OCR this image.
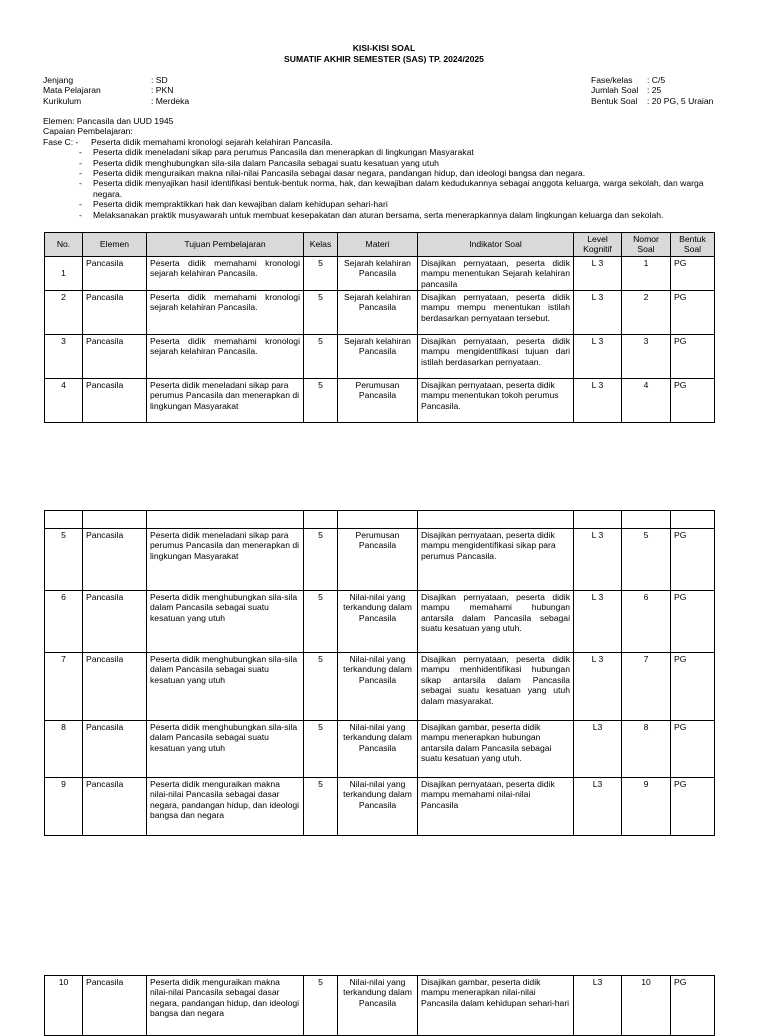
KISI-KISI SOAL
SUMATIF AKHIR SEMESTER (SAS) TP. 2024/2025
Jenjang	: SD
Mata Pelajaran	: PKN
Kurikulum	: Merdeka
Fase/kelas : C/5
Jumlah Soal : 25
Bentuk Soal : 20 PG, 5 Uraian
Elemen: Pancasila dan UUD 1945
Capaian Pembelajaran:
Fase C: - Peserta didik memahami kronologi sejarah kelahiran Pancasila.
- Peserta didik meneladani sikap para perumus Pancasila dan menerapkan di lingkungan Masyarakat
- Peserta didik menghubungkan sila-sila dalam Pancasila sebagai suatu kesatuan yang utuh
- Peserta didik menguraikan makna nilai-nilai Pancasila sebagai dasar negara, pandangan hidup, dan ideologi bangsa dan negara.
- Peserta didik menyajikan hasil identifikasi bentuk-bentuk norma, hak, dan kewajiban dalam kedudukannya sebagai anggota keluarga, warga sekolah, dan warga negara.
- Peserta didik mempraktikkan hak dan kewajiban dalam kehidupan sehari-hari
- Melaksanakan praktik musyawarah untuk membuat kesepakatan dan aturan bersama, serta menerapkannya dalam lingkungan keluarga dan sekolah.
No.	Elemen	Tujuan Pembelajaran	Kelas	Materi	Indikator Soal	Level Kognitif	Nomor Soal	Bentuk Soal
1	Pancasila	Peserta didik memahami kronologi sejarah kelahiran Pancasila.	5	Sejarah kelahiran Pancasila	Disajikan pernyataan, peserta didik mampu menentukan Sejarah kelahiran pancasila	L 3	1	PG
2	Pancasila	Peserta didik memahami kronologi sejarah kelahiran Pancasila.	5	Sejarah kelahiran Pancasila	Disajikan pernyataan, peserta didik mampu mempu menentukan istilah berdasarkan pernyataan tersebut.	L 3	2	PG
3	Pancasila	Peserta didik memahami kronologi sejarah kelahiran Pancasila.	5	Sejarah kelahiran Pancasila	Disajikan pernyataan, peserta didik mampu mengidentifikasi tujuan dari istilah berdasarkan pernyataan.	L 3	3	PG
4	Pancasila	Peserta didik meneladani sikap para perumus Pancasila dan menerapkan di lingkungan Masyarakat	5	Perumusan Pancasila	Disajikan pernyataan, peserta didik mampu menentukan tokoh perumus Pancasila.	L 3	4	PG

5	Pancasila	Peserta didik meneladani sikap para perumus Pancasila dan menerapkan di lingkungan Masyarakat	5	Perumusan Pancasila	Disajikan pernyataan, peserta didik mampu mengidentifikasi sikap para perumus Pancasila.	L 3	5	PG
6	Pancasila	Peserta didik menghubungkan sila-sila dalam Pancasila sebagai suatu kesatuan yang utuh	5	Nilai-nilai yang terkandung dalam Pancasila	Disajikan pernyataan, peserta didik mampu memahami hubungan antarsila dalam Pancasila sebagai suatu kesatuan yang utuh.	L 3	6	PG
7	Pancasila	Peserta didik menghubungkan sila-sila dalam Pancasila sebagai suatu kesatuan yang utuh	5	Nilai-nilai yang terkandung dalam Pancasila	Disajikan pernyataan, peserta didik mampu menhidentifikasi hubungan sikap antarsila dalam Pancasila sebagai suatu kesatuan yang utuh dalam masyarakat.	L 3	7	PG
8	Pancasila	Peserta didik menghubungkan sila-sila dalam Pancasila sebagai suatu kesatuan yang utuh	5	Nilai-nilai yang terkandung dalam Pancasila	Disajikan gambar, peserta didik mampu menerapkan hubungan antarsila dalam Pancasila sebagai suatu kesatuan yang utuh.	L3	8	PG
9	Pancasila	Peserta didik menguraikan makna nilai-nilai Pancasila sebagai dasar negara, pandangan hidup, dan ideologi bangsa dan negara	5	Nilai-nilai yang terkandung dalam Pancasila	Disajikan pernyataan, peserta didik mampu memahami nilai-nilai Pancasila	L3	9	PG
10	Pancasila	Peserta didik menguraikan makna nilai-nilai Pancasila sebagai dasar negara, pandangan hidup, dan ideologi bangsa dan negara	5	Nilai-nilai yang terkandung dalam Pancasila	Disajikan gambar, peserta didik mampu menerapkan nilai-nilai Pancasila dalam kehidupan sehari-hari	L3	10	PG
